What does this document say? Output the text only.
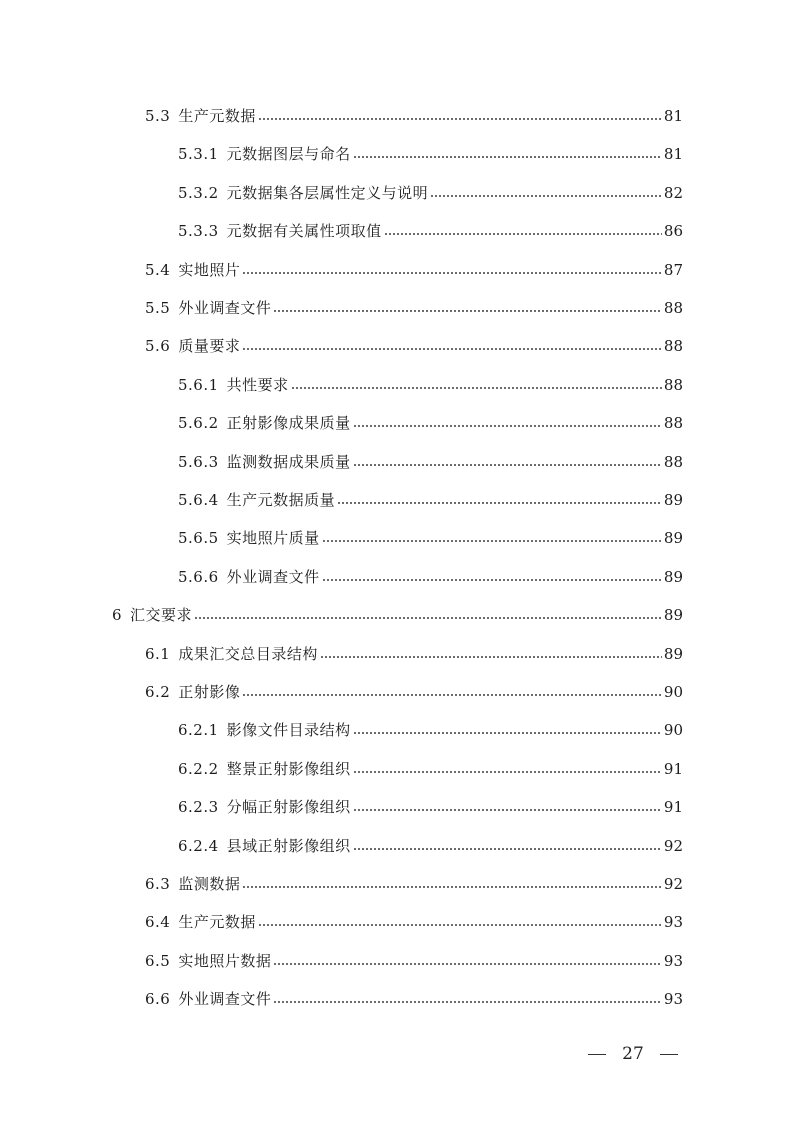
5.3 生产元数据	81
5.3.1 元数据图层与命名	81
5.3.2 元数据集各层属性定义与说明	82
5.3.3 元数据有关属性项取值	86
5.4 实地照片	87
5.5 外业调查文件	88
5.6 质量要求	88
5.6.1 共性要求	88
5.6.2 正射影像成果质量	88
5.6.3 监测数据成果质量	88
5.6.4 生产元数据质量	89
5.6.5 实地照片质量	89
5.6.6 外业调查文件	89
6 汇交要求	89
6.1 成果汇交总目录结构	89
6.2 正射影像	90
6.2.1 影像文件目录结构	90
6.2.2 整景正射影像组织	91
6.2.3 分幅正射影像组织	91
6.2.4 县域正射影像组织	92
6.3 监测数据	92
6.4 生产元数据	93
6.5 实地照片数据	93
6.6 外业调查文件	93
27
